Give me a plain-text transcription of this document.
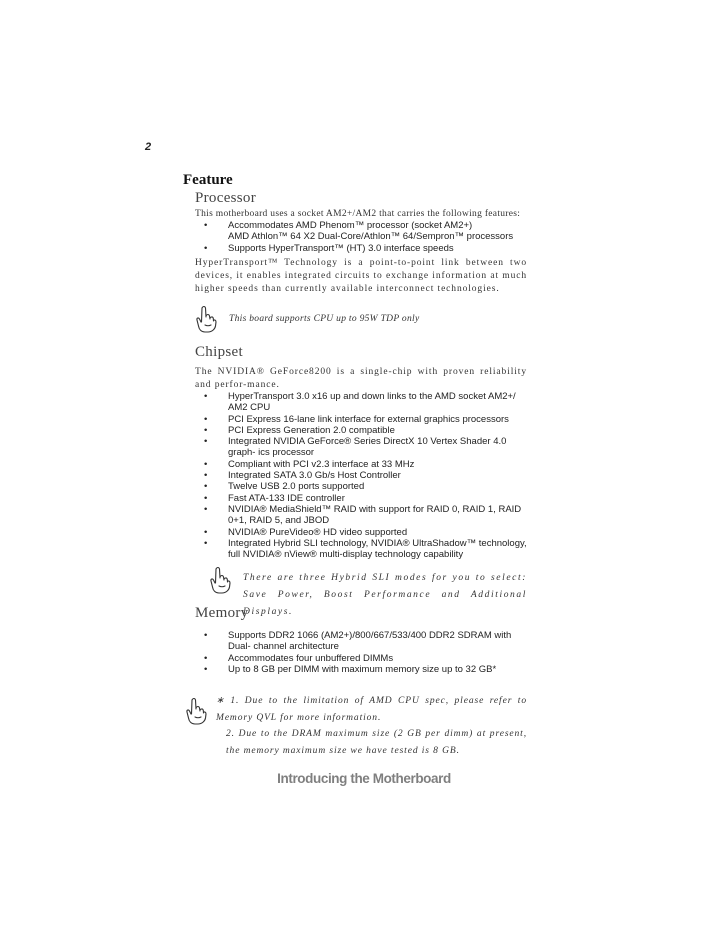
2
Feature
Processor
This motherboard uses a socket AM2+/AM2 that carries the following features:
• Accommodates AMD Phenom™ processor (socket AM2+)
AMD Athlon™ 64 X2 Dual-Core/Athlon™ 64/Sempron™ processors
• Supports HyperTransport™ (HT) 3.0 interface speeds
HyperTransport™ Technology is a point-to-point link between two devices, it enables integrated circuits to exchange information at much higher speeds than currently available interconnect technologies.
This board supports CPU up to 95W TDP only
Chipset
The NVIDIA® GeForce8200 is a single-chip with proven reliability and perfor-mance.
• HyperTransport 3.0 x16 up and down links to the AMD socket AM2+/ AM2 CPU
• PCI Express 16-lane link interface for external graphics processors
• PCI Express Generation 2.0 compatible
• Integrated NVIDIA GeForce® Series DirectX 10 Vertex Shader 4.0 graph- ics processor
• Compliant with PCI v2.3 interface at 33 MHz
• Integrated SATA 3.0 Gb/s Host Controller
• Twelve USB 2.0 ports supported
• Fast ATA-133 IDE controller
• NVIDIA® MediaShield™ RAID with support for RAID 0, RAID 1, RAID 0+1, RAID 5, and JBOD
• NVIDIA® PureVideo® HD video supported
• Integrated Hybrid SLI technology, NVIDIA® UltraShadow™ technology, full NVIDIA® nView® multi-display technology capability
There are three Hybrid SLI modes for you to select: Save Power, Boost Performance and Additional Displays.
Memory
• Supports DDR2 1066 (AM2+)/800/667/533/400 DDR2 SDRAM with Dual- channel architecture
• Accommodates four unbuffered DIMMs
• Up to 8 GB per DIMM with maximum memory size up to 32 GB*
∗ 1. Due to the limitation of AMD CPU spec, please refer to Memory QVL for more information.
2. Due to the DRAM maximum size (2 GB per dimm) at present, the memory maximum size we have tested is 8 GB.
Introducing the Motherboard
